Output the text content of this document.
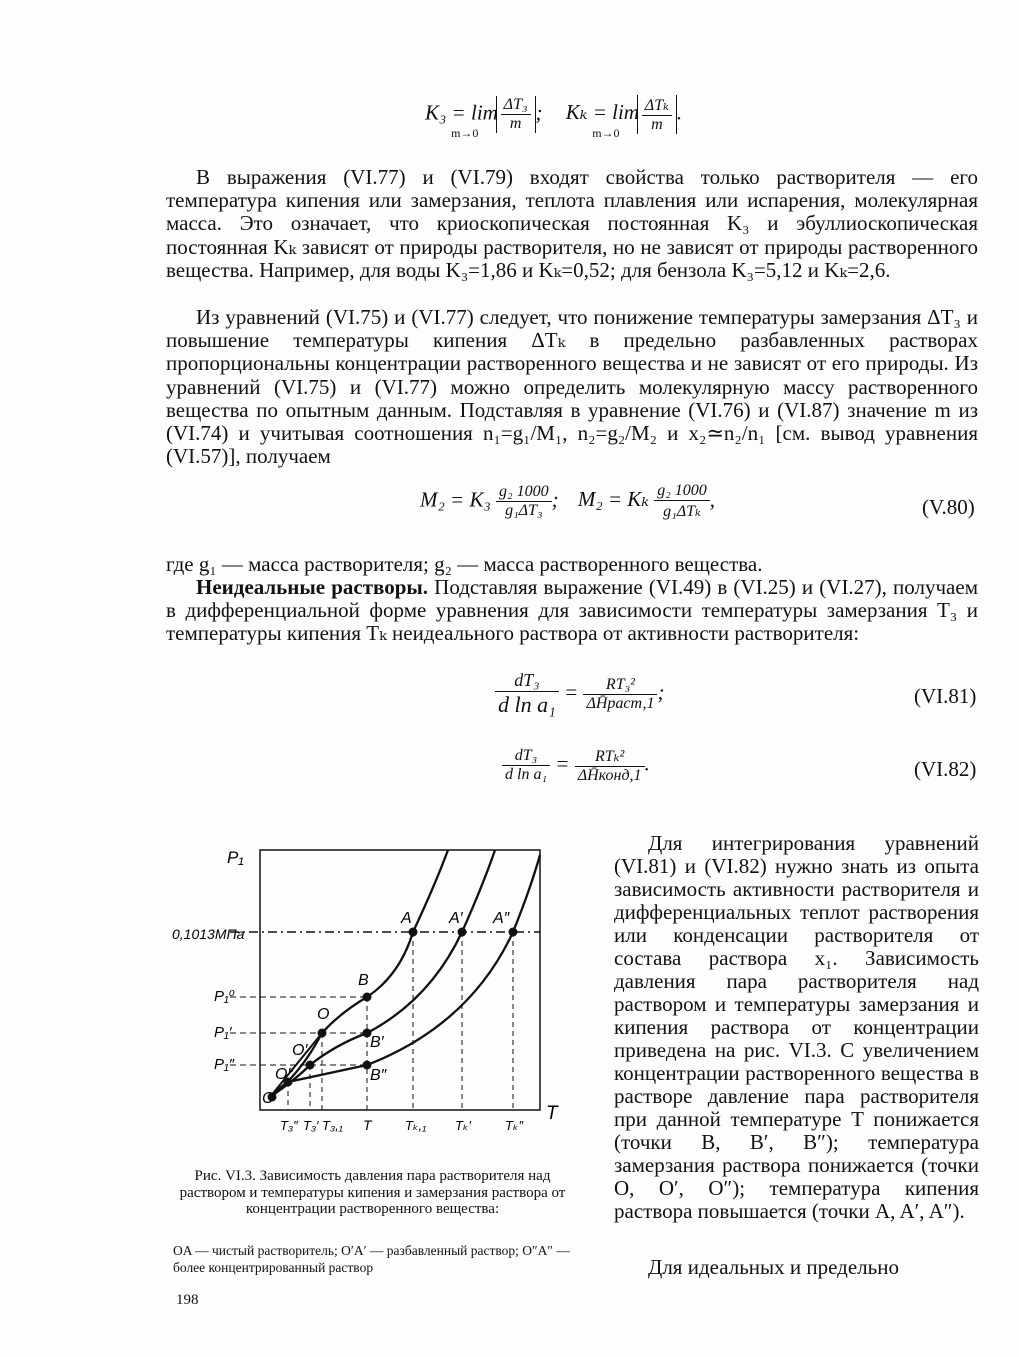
K₃ = lim $_{m\to 0}$
$\frac{\text{ΔT₃}}{m}$ ; $K_k = \lim _{m\to 0} \frac{\text{ΔTₖ}}{m}$ .
В выражения (VI.77) и (VI.79) входят свойства только растворителя — его температура кипения или замерзания, теплота плавления или испарения, молекулярная масса. Это означает, что криоскопическая постоянная K₃ и эбуллиоскопическая постоянная Kₖ зависят от природы растворителя, но не зависят от природы растворенного вещества. Например, для воды K₃=1,86 и Kₖ=0,52; для бензола K₃=5,12 и Kₖ=2,6.
Из уравнений (VI.75) и (VI.77) следует, что понижение температуры замерзания ΔT₃ и повышение температуры кипения ΔTₖ в предельно разбавленных растворах пропорциональны концентрации растворенного вещества и не зависят от его природы. Из уравнений (VI.75) и (VI.77) можно определить молекулярную массу растворенного вещества по опытным данным. Подставляя в уравнение (VI.76) и (VI.87) значение m из (VI.74) и учитывая соотношения n₁=g₁/M₁, n₂=g₂/M₂ и x₂≃n₂/n₁ [см. вывод уравнения (VI.57)], получаем
$M_2 = K_3 \frac{\text{g₂ 1000}}{\text{g₁ΔT₃}}$ ; M₂ = Kₖ $\frac{\text{g₂ 1000}}{\text{g₁ΔTₖ}}$ ,	(V.80)
где g₁ — масса растворителя; g₂ — масса растворенного вещества.
Неидеальные растворы. Подставляя выражение (VI.49) в (VI.25) и (VI.27), получаем в дифференциальной форме уравнения для зависимости температуры замерзания T₃ и температуры кипения Tₖ неидеального раствора от активности растворителя:
$\frac{\text{dT₃}}{\text{d ln a₁}} = \frac{\text{RT₃²}}{\text{ΔH̄раст,1}}$ ;	(VI.81)
$\frac{\text{dT₃}}{\text{d ln a₁}} = \frac{\text{RTₖ²}}{\text{ΔH̄конд,1}}$ .	(VI.82)
P₁
T
0,1013МПа
P₁⁰
P₁′
P₁″
T₃″ T₃′ T₃,₁ T	Tₖ,₁ Tₖ′	Tₖ″
A A′ A″
B
B′
B″
O
O′
O″
C
Рис. VI.3. Зависимость давления пара растворителя над раствором и температуры кипения и замерзания раствора от концентрации растворенного вещества:
OA — чистый растворитель; O′A′ — разбавленный раствор; O″A″ — более концентрированный раствор
198
Для интегрирования уравнений (VI.81) и (VI.82) нужно знать из опыта зависимость активности растворителя и дифференциальных теплот растворения или конденсации растворителя от состава раствора x₁. Зависимость давления пара растворителя над раствором и температуры замерзания и кипения раствора от концентрации приведена на рис. VI.3. С увеличением концентрации растворенного вещества в растворе давление пара растворителя при данной температуре T понижается (точки B, B′, B″); температура замерзания раствора понижается (точки O, O′, O″); температура кипения раствора повышается (точки A, A′, A″).
Для идеальных и предельно
